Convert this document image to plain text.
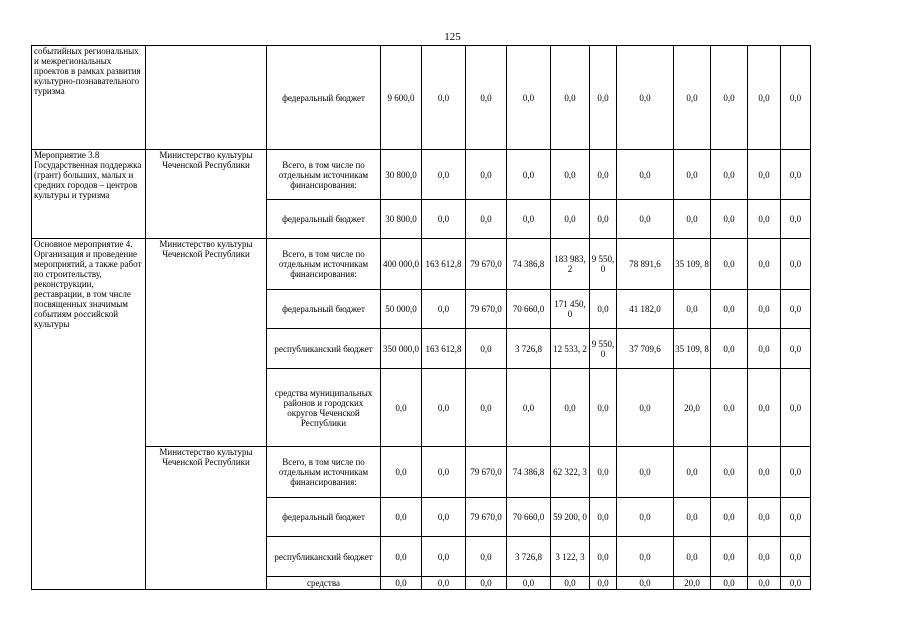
125
событийных региональных и межрегиональных проектов в рамках развития культурно-познавательного туризма		федеральный бюджет	9 600,0	0,0	0,0	0,0	0,0	0,0	0,0	0,0	0,0	0,0	0,0
Мероприятие 3.8 Государственная поддержка (грант) больших, малых и средних городов – центров культуры и туризма	Министерство культуры Чеченской Республики	Всего, в том числе по отдельным источникам финансирования:	30 800,0	0,0	0,0	0,0	0,0	0,0	0,0	0,0	0,0	0,0	0,0
		федеральный бюджет	30 800,0	0,0	0,0	0,0	0,0	0,0	0,0	0,0	0,0	0,0	0,0
Основное мероприятие 4. Организация и проведение мероприятий, а также работ по строительству, реконструкции, реставрации, в том числе посвященных значимым событиям российской культуры	Министерство культуры Чеченской Республики	Всего, в том числе по отдельным источникам финансирования:	400 000,0	163 612,8	79 670,0	74 386,8	183 983, 2	9 550, 0	78 891,6	35 109, 8	0,0	0,0	0,0
		федеральный бюджет	50 000,0	0,0	79 670,0	70 660,0	171 450, 0	0,0	41 182,0	0,0	0,0	0,0	0,0
		республиканский бюджет	350 000,0	163 612,8	0,0	3 726,8	12 533, 2	9 550, 0	37 709,6	35 109, 8	0,0	0,0	0,0
		средства муниципальных районов и городских округов Чеченской Республики	0,0	0,0	0,0	0,0	0,0	0,0	0,0	20,0	0,0	0,0	0,0
	Министерство культуры Чеченской Республики	Всего, в том числе по отдельным источникам финансирования:	0,0	0,0	79 670,0	74 386,8	62 322, 3	0,0	0,0	0,0	0,0	0,0	0,0
		федеральный бюджет	0,0	0,0	79 670,0	70 660,0	59 200, 0	0,0	0,0	0,0	0,0	0,0	0,0
		республиканский бюджет	0,0	0,0	0,0	3 726,8	3 122, 3	0,0	0,0	0,0	0,0	0,0	0,0
		средства	0,0	0,0	0,0	0,0	0,0	0,0	0,0	20,0	0,0	0,0	0,0
